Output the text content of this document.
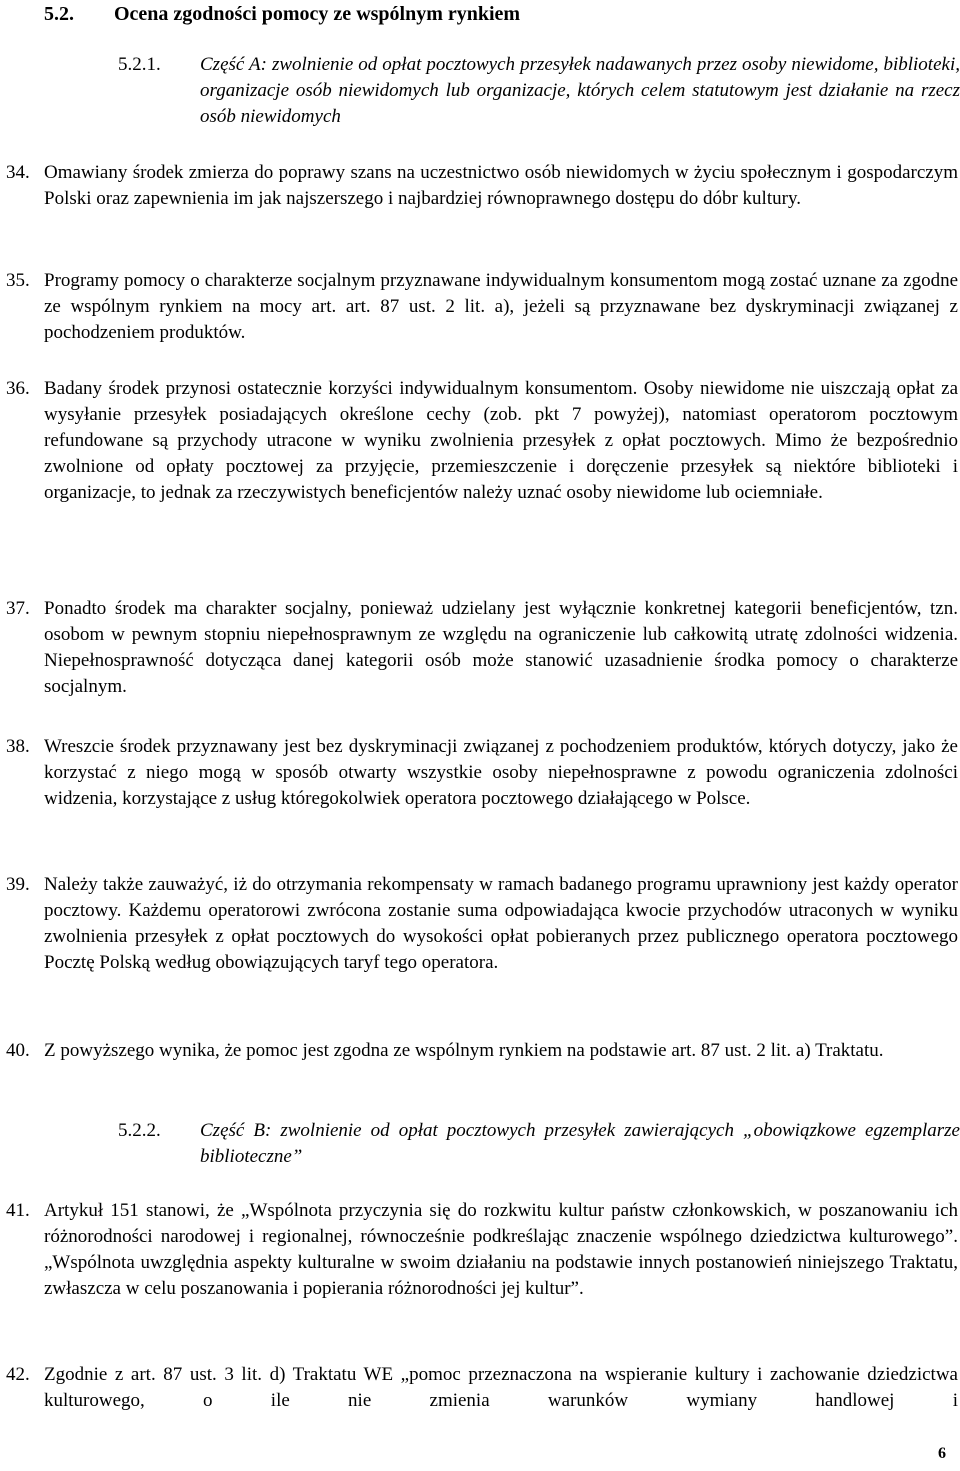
5.2. Ocena zgodności pomocy ze wspólnym rynkiem
5.2.1. Część A: zwolnienie od opłat pocztowych przesyłek nadawanych przez osoby niewidome, biblioteki, organizacje osób niewidomych lub organizacje, których celem statutowym jest działanie na rzecz osób niewidomych
34. Omawiany środek zmierza do poprawy szans na uczestnictwo osób niewidomych w życiu społecznym i gospodarczym Polski oraz zapewnienia im jak najszerszego i najbardziej równoprawnego dostępu do dóbr kultury.
35. Programy pomocy o charakterze socjalnym przyznawane indywidualnym konsumentom mogą zostać uznane za zgodne ze wspólnym rynkiem na mocy art. art. 87 ust. 2 lit. a), jeżeli są przyznawane bez dyskryminacji związanej z pochodzeniem produktów.
36. Badany środek przynosi ostatecznie korzyści indywidualnym konsumentom. Osoby niewidome nie uiszczają opłat za wysyłanie przesyłek posiadających określone cechy (zob. pkt 7 powyżej), natomiast operatorom pocztowym refundowane są przychody utracone w wyniku zwolnienia przesyłek z opłat pocztowych. Mimo że bezpośrednio zwolnione od opłaty pocztowej za przyjęcie, przemieszczenie i doręczenie przesyłek są niektóre biblioteki i organizacje, to jednak za rzeczywistych beneficjentów należy uznać osoby niewidome lub ociemniałe.
37. Ponadto środek ma charakter socjalny, ponieważ udzielany jest wyłącznie konkretnej kategorii beneficjentów, tzn. osobom w pewnym stopniu niepełnosprawnym ze względu na ograniczenie lub całkowitą utratę zdolności widzenia. Niepełnosprawność dotycząca danej kategorii osób może stanowić uzasadnienie środka pomocy o charakterze socjalnym.
38. Wreszcie środek przyznawany jest bez dyskryminacji związanej z pochodzeniem produktów, których dotyczy, jako że korzystać z niego mogą w sposób otwarty wszystkie osoby niepełnosprawne z powodu ograniczenia zdolności widzenia, korzystające z usług któregokolwiek operatora pocztowego działającego w Polsce.
39. Należy także zauważyć, iż do otrzymania rekompensaty w ramach badanego programu uprawniony jest każdy operator pocztowy. Każdemu operatorowi zwrócona zostanie suma odpowiadająca kwocie przychodów utraconych w wyniku zwolnienia przesyłek z opłat pocztowych do wysokości opłat pobieranych przez publicznego operatora pocztowego Pocztę Polską według obowiązujących taryf tego operatora.
40. Z powyższego wynika, że pomoc jest zgodna ze wspólnym rynkiem na podstawie art. 87 ust. 2 lit. a) Traktatu.
5.2.2. Część B: zwolnienie od opłat pocztowych przesyłek zawierających „obowiązkowe egzemplarze biblioteczne”
41. Artykuł 151 stanowi, że „Wspólnota przyczynia się do rozkwitu kultur państw członkowskich, w poszanowaniu ich różnorodności narodowej i regionalnej, równocześnie podkreślając znaczenie wspólnego dziedzictwa kulturowego”. „Wspólnota uwzględnia aspekty kulturalne w swoim działaniu na podstawie innych postanowień niniejszego Traktatu, zwłaszcza w celu poszanowania i popierania różnorodności jej kultur”.
42. Zgodnie z art. 87 ust. 3 lit. d) Traktatu WE „pomoc przeznaczona na wspieranie kultury i zachowanie dziedzictwa kulturowego, o ile nie zmienia warunków wymiany handlowej i
6
